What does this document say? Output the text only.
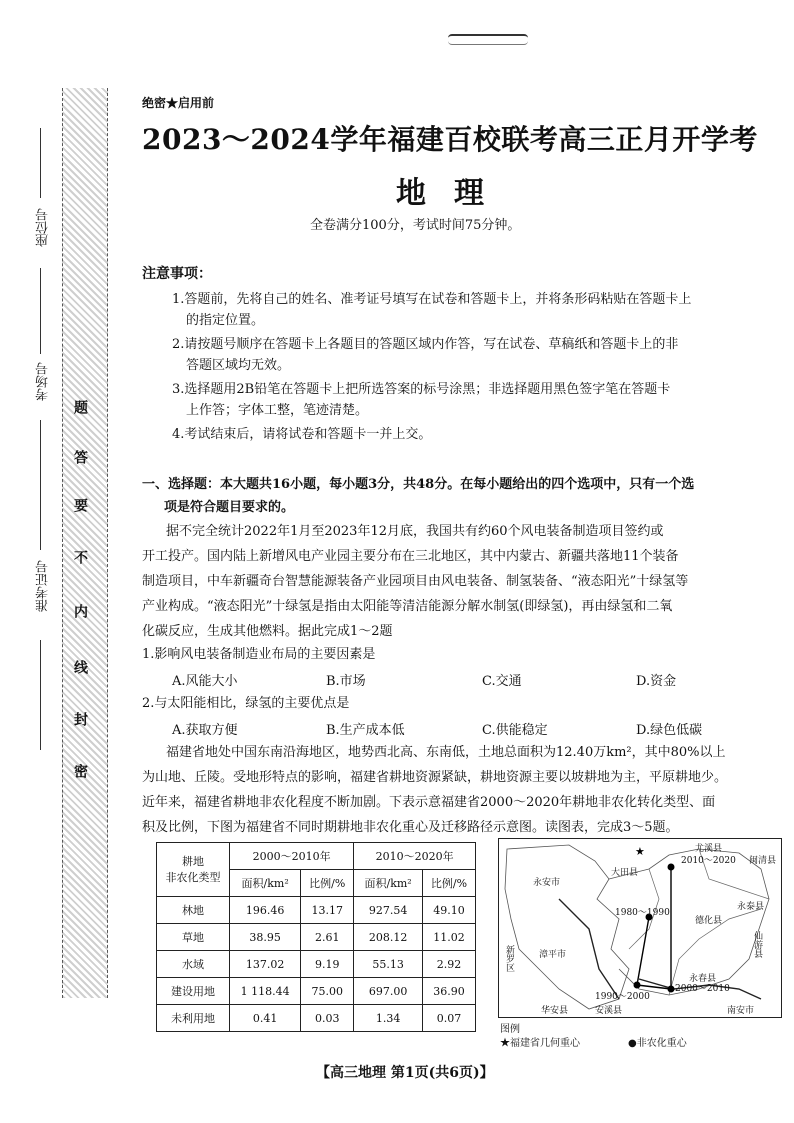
题
答
要
不
内
线
封
密
座位号
考场号
准考证号
绝密★启用前
2023～2024学年福建百校联考高三正月开学考
地理
全卷满分100分，考试时间75分钟。
注意事项：
1.答题前，先将自己的姓名、准考证号填写在试卷和答题卡上，并将条形码粘贴在答题卡上
的指定位置。
2.请按题号顺序在答题卡上各题目的答题区域内作答，写在试卷、草稿纸和答题卡上的非
答题区域均无效。
3.选择题用2B铅笔在答题卡上把所选答案的标号涂黑；非选择题用黑色签字笔在答题卡
上作答；字体工整，笔迹清楚。
4.考试结束后，请将试卷和答题卡一并上交。
一、选择题：本大题共16小题，每小题3分，共48分。在每小题给出的四个选项中，只有一个选
项是符合题目要求的。
据不完全统计2022年1月至2023年12月底，我国共有约60个风电装备制造项目签约或
开工投产。国内陆上新增风电产业园主要分布在三北地区，其中内蒙古、新疆共落地11个装备
制造项目，中车新疆奇台智慧能源装备产业园项目由风电装备、制氢装备、“液态阳光”十绿氢等
产业构成。“液态阳光”十绿氢是指由太阳能等清洁能源分解水制氢(即绿氢)，再由绿氢和二氧
化碳反应，生成其他燃料。据此完成1～2题
1.影响风电装备制造业布局的主要因素是
A.风能大小	B.市场	C.交通	D.资金
2.与太阳能相比，绿氢的主要优点是
A.获取方便	B.生产成本低	C.供能稳定	D.绿色低碳
福建省地处中国东南沿海地区，地势西北高、东南低，土地总面积为12.40万km²，其中80%以上
为山地、丘陵。受地形特点的影响，福建省耕地资源紧缺，耕地资源主要以坡耕地为主，平原耕地少。
近年来，福建省耕地非农化程度不断加剧。下表示意福建省2000～2020年耕地非农化转化类型、面
积及比例，下图为福建省不同时期耕地非农化重心及迁移路径示意图。读图表，完成3～5题。
耕地
非农化类型	2000～2010年		2010～2020年	
	面积/km²	比例/%	面积/km²	比例/%
林地	196.46	13.17	927.54	49.10
草地	38.95	2.61	208.12	11.02
水域	137.02	9.19	55.13	2.92
建设用地	1 118.44	75.00	697.00	36.90
未利用地	0.41	0.03	1.34	0.07
★	尤溪县
闽清县
2010～2020
大田县
永安市
永泰县
1980～1990
德化县
仙游县
漳平市
新罗区
永春县
2000～2010
1990～2000
华安县	安溪县	南安市
图例
★福建省几何重心	●非农化重心
【高三地理 第1页(共6页)】
